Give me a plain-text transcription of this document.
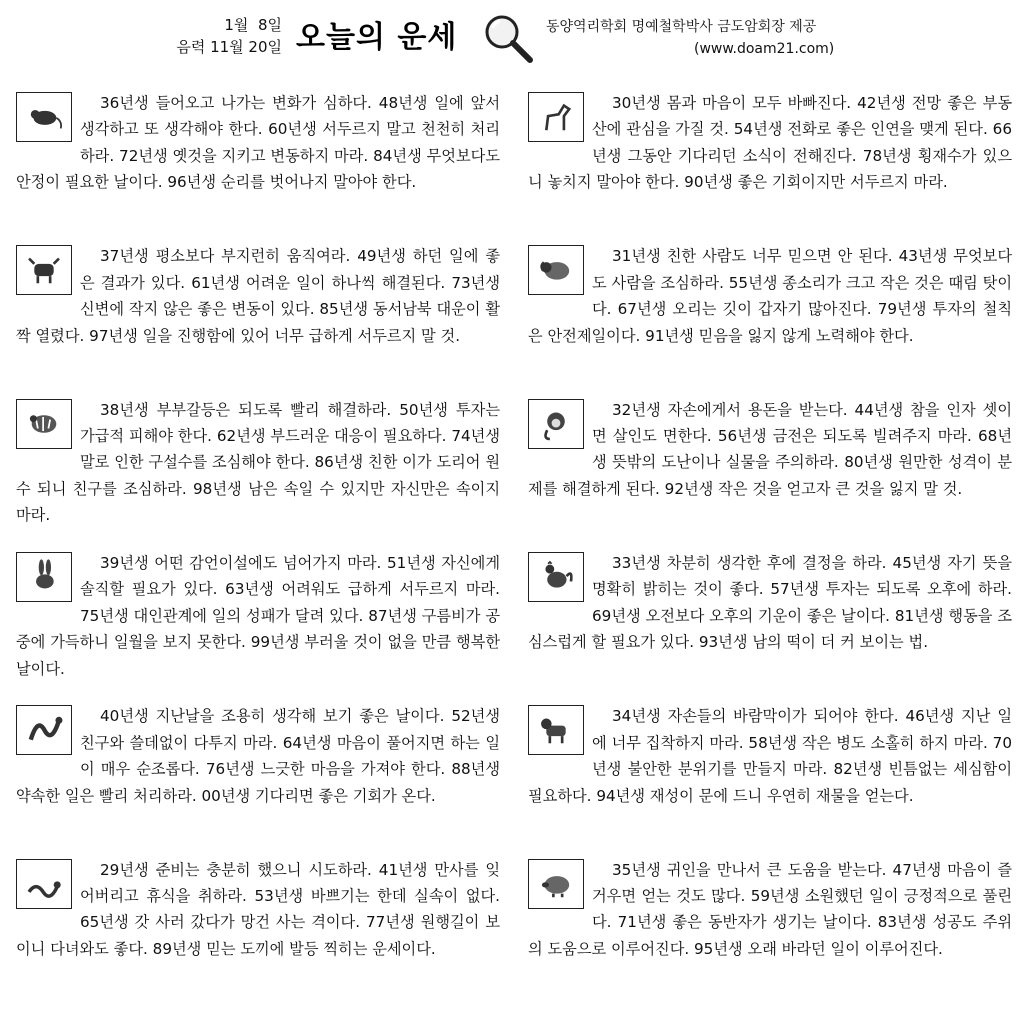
1월  8일
음력 11월 20일 오늘의 운세	동양역리학회 명예철학박사 금도암회장 제공
(www.doam21.com)
36년생 들어오고 나가는 변화가 심하다. 48년생 일에 앞서 생각하고 또 생각해야 한다. 60년생 서두르지 말고 천천히 처리하라. 72년생 옛것을 지키고 변동하지 마라. 84년생 무엇보다도 안정이 필요한 날이다. 96년생 순리를 벗어나지 말아야 한다.
37년생 평소보다 부지런히 움직여라. 49년생 하던 일에 좋은 결과가 있다. 61년생 어려운 일이 하나씩 해결된다. 73년생 신변에 작지 않은 좋은 변동이 있다. 85년생 동서남북 대운이 활짝 열렸다. 97년생 일을 진행함에 있어 너무 급하게 서두르지 말 것.
38년생 부부갈등은 되도록 빨리 해결하라. 50년생 투자는 가급적 피해야 한다. 62년생 부드러운 대응이 필요하다. 74년생 말로 인한 구설수를 조심해야 한다. 86년생 친한 이가 도리어 원수 되니 친구를 조심하라. 98년생 남은 속일 수 있지만 자신만은 속이지 마라.
39년생 어떤 감언이설에도 넘어가지 마라. 51년생 자신에게 솔직할 필요가 있다. 63년생 어려워도 급하게 서두르지 마라. 75년생 대인관계에 일의 성패가 달려 있다. 87년생 구름비가 공중에 가득하니 일월을 보지 못한다. 99년생 부러울 것이 없을 만큼 행복한 날이다.
40년생 지난날을 조용히 생각해 보기 좋은 날이다. 52년생 친구와 쓸데없이 다투지 마라. 64년생 마음이 풀어지면 하는 일이 매우 순조롭다. 76년생 느긋한 마음을 가져야 한다. 88년생 약속한 일은 빨리 처리하라. 00년생 기다리면 좋은 기회가 온다.
29년생 준비는 충분히 했으니 시도하라. 41년생 만사를 잊어버리고 휴식을 취하라. 53년생 바쁘기는 한데 실속이 없다. 65년생 갓 사러 갔다가 망건 사는 격이다. 77년생 원행길이 보이니 다녀와도 좋다. 89년생 믿는 도끼에 발등 찍히는 운세이다.
30년생 몸과 마음이 모두 바빠진다. 42년생 전망 좋은 부동산에 관심을 가질 것. 54년생 전화로 좋은 인연을 맺게 된다. 66년생 그동안 기다리던 소식이 전해진다. 78년생 횡재수가 있으니 놓치지 말아야 한다. 90년생 좋은 기회이지만 서두르지 마라.
31년생 친한 사람도 너무 믿으면 안 된다. 43년생 무엇보다도 사람을 조심하라. 55년생 종소리가 크고 작은 것은 때림 탓이다. 67년생 오리는 깃이 갑자기 많아진다. 79년생 투자의 철칙은 안전제일이다. 91년생 믿음을 잃지 않게 노력해야 한다.
32년생 자손에게서 용돈을 받는다. 44년생 참을 인자 셋이면 살인도 면한다. 56년생 금전은 되도록 빌려주지 마라. 68년생 뜻밖의 도난이나 실물을 주의하라. 80년생 원만한 성격이 분제를 해결하게 된다. 92년생 작은 것을 얻고자 큰 것을 잃지 말 것.
33년생 차분히 생각한 후에 결정을 하라. 45년생 자기 뜻을 명확히 밝히는 것이 좋다. 57년생 투자는 되도록 오후에 하라. 69년생 오전보다 오후의 기운이 좋은 날이다. 81년생 행동을 조심스럽게 할 필요가 있다. 93년생 남의 떡이 더 커 보이는 법.
34년생 자손들의 바람막이가 되어야 한다. 46년생 지난 일에 너무 집착하지 마라. 58년생 작은 병도 소홀히 하지 마라. 70년생 불안한 분위기를 만들지 마라. 82년생 빈틈없는 세심함이 필요하다. 94년생 재성이 문에 드니 우연히 재물을 얻는다.
35년생 귀인을 만나서 큰 도움을 받는다. 47년생 마음이 즐거우면 얻는 것도 많다. 59년생 소원했던 일이 긍정적으로 풀린다. 71년생 좋은 동반자가 생기는 날이다. 83년생 성공도 주위의 도움으로 이루어진다. 95년생 오래 바라던 일이 이루어진다.
